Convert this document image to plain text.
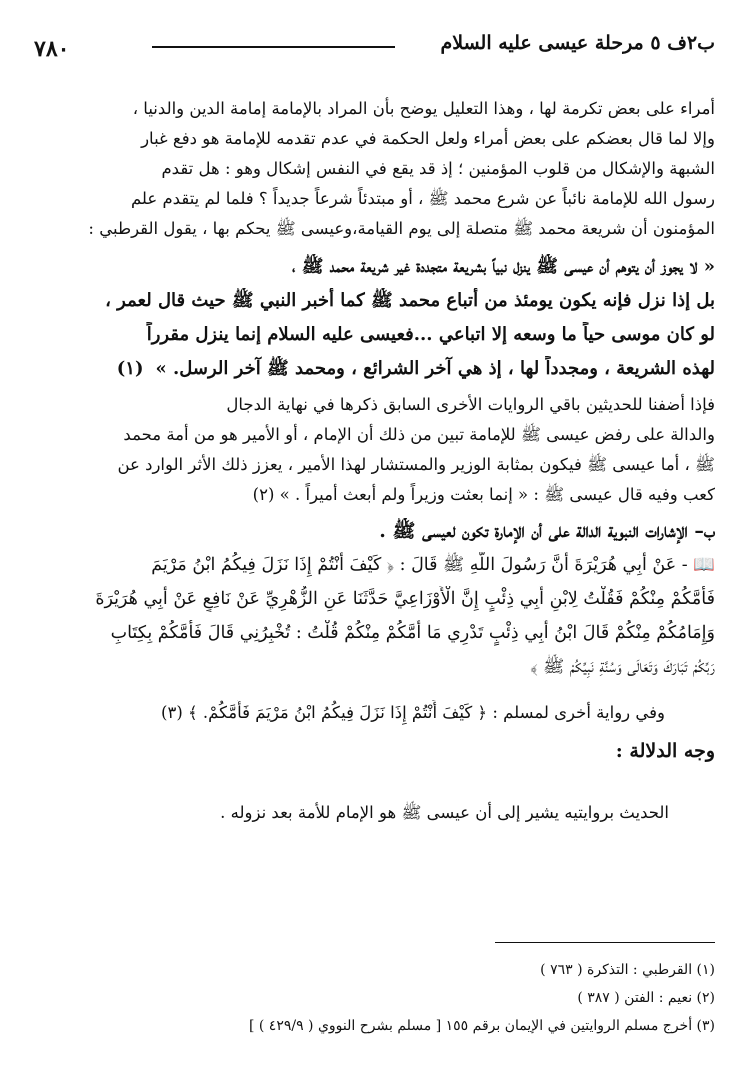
ب٢ف ٥ مرحلة عيسى عليه السلام
٧٨٠
أمراء على بعض تكرمة لها ، وهذا التعليل يوضح بأن المراد بالإمامة إمامة الدين والدنيا ،
وإلا لما قال بعضكم على بعض أمراء ولعل الحكمة في عدم تقدمه للإمامة هو دفع غبار
الشبهة والإشكال من قلوب المؤمنين ؛ إذ قد يقع في النفس إشكال وهو : هل تقدم
رسول الله للإمامة نائباً عن شرع محمد ﷺ ، أو مبتدئاً شرعاً جديداً ؟ فلما لم يتقدم علم
المؤمنون أن شريعة محمد ﷺ متصلة إلى يوم القيامة،وعيسى ﷺ يحكم بها ، يقول القرطبي :
« لا يجوز أن يتوهم أن عيسى ﷺ ينزل نبياً بشريعة متجددة غير شريعة محمد ﷺ ،
بل إذا نزل فإنه يكون يومئذ من أتباع محمد ﷺ كما أخبر النبي ﷺ حيث قال لعمر ،
لو كان موسى حياً ما وسعه إلا اتباعي ...فعيسى عليه السلام إنما ينزل مقرراً
لهذه الشريعة ، ومجدداً لها ، إذ هي آخر الشرائع ، ومحمد ﷺ آخر الرسل. »(١)
فإذا أضفنا للحديثين باقي الروايات الأخرى السابق ذكرها في نهاية الدجال
والدالة على رفض عيسى ﷺ للإمامة تبين من ذلك أن الإمام ، أو الأمير هو من أمة محمد
ﷺ ، أما عيسى ﷺ فيكون بمثابة الوزير والمستشار لهذا الأمير ، يعزز ذلك الأثر الوارد عن
كعب وفيه قال عيسى ﷺ : « إنما بعثت وزيراً ولم أبعث أميراً . » (٢)
ب– الإشارات النبوية الدالة على أن الإمارة تكون لعيسى ﷺ .
📖 - عَنْ أَبِي هُرَيْرَةَ أَنَّ رَسُولَ اللَّهِ ﷺ قَالَ : ﴿ كَيْفَ أَنْتُمْ إِذَا نَزَلَ فِيكُمُ ابْنُ مَرْيَمَ
فَأَمَّكُمْ مِنْكُمْ فَقُلْتُ لِابْنِ أَبِي ذِئْبٍ إِنَّ الْأَوْزَاعِيَّ حَدَّثَنَا عَنِ الزُّهْرِيِّ عَنْ نَافِعٍ عَنْ أَبِي هُرَيْرَةَ
وَإِمَامُكُمْ مِنْكُمْ قَالَ ابْنُ أَبِي ذِئْبٍ تَدْرِي مَا أَمَّكُمْ مِنْكُمْ قُلْتُ : تُخْبِرُنِي قَالَ فَأَمَّكُمْ بِكِتَابِ
رَبِّكُمْ تَبَارَكَ وَتَعَالَى وَسُنَّةِ نَبِيِّكُمْ ﷺ ﴾
وفي رواية أخرى لمسلم : ﴿ كَيْفَ أَنْتُمْ إِذَا نَزَلَ فِيكُمُ ابْنُ مَرْيَمَ فَأَمَّكُمْ. ﴾ (٣)
وجه الدلالة :
الحديث بروايتيه يشير إلى أن عيسى ﷺ هو الإمام للأمة بعد نزوله .
(١) القرطبي : التذكرة ( ٧٦٣ )
(٢) نعيم : الفتن ( ٣٨٧ )
(٣) أخرج مسلم الروايتين في الإيمان برقم ١٥٥ [ مسلم بشرح النووي ( ٤٢٩/٩ ) ]
